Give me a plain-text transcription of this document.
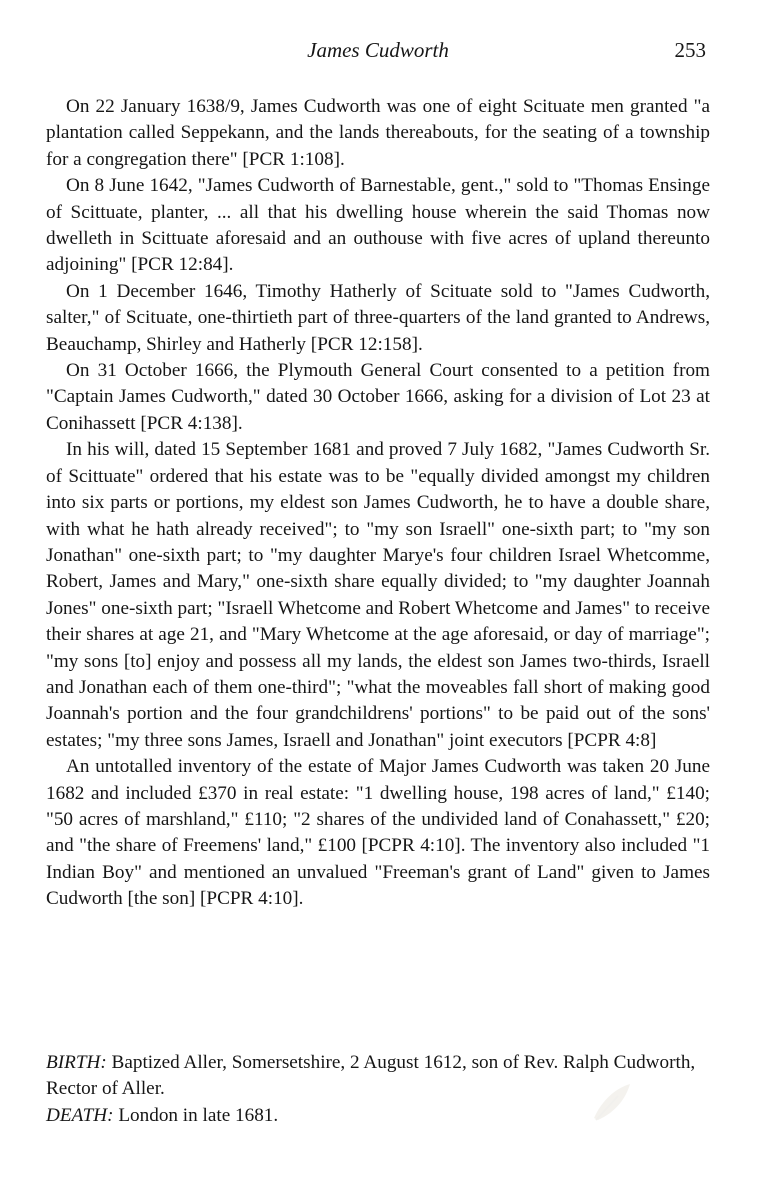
James Cudworth	253

On 22 January 1638/9, James Cudworth was one of eight Scituate men granted "a plantation called Seppekann, and the lands thereabouts, for the seating of a township for a congregation there" [PCR 1:108].

On 8 June 1642, "James Cudworth of Barnestable, gent.," sold to "Thomas Ensinge of Scittuate, planter, ... all that his dwelling house wherein the said Thomas now dwelleth in Scittuate aforesaid and an outhouse with five acres of upland thereunto adjoining" [PCR 12:84].

On 1 December 1646, Timothy Hatherly of Scituate sold to "James Cudworth, salter," of Scituate, one-thirtieth part of three-quarters of the land granted to Andrews, Beauchamp, Shirley and Hatherly [PCR 12:158].

On 31 October 1666, the Plymouth General Court consented to a petition from "Captain James Cudworth," dated 30 October 1666, asking for a division of Lot 23 at Conihassett [PCR 4:138].

In his will, dated 15 September 1681 and proved 7 July 1682, "James Cudworth Sr. of Scittuate" ordered that his estate was to be "equally divided amongst my children into six parts or portions, my eldest son James Cudworth, he to have a double share, with what he hath already received"; to "my son Israell" one-sixth part; to "my son Jonathan" one-sixth part; to "my daughter Marye's four children Israel Whetcomme, Robert, James and Mary," one-sixth share equally divided; to "my daughter Joannah Jones" one-sixth part; "Israell Whetcome and Robert Whetcome and James" to receive their shares at age 21, and "Mary Whetcome at the age aforesaid, or day of marriage"; "my sons [to] enjoy and possess all my lands, the eldest son James two-thirds, Israell and Jonathan each of them one-third"; "what the moveables fall short of making good Joannah's portion and the four grandchildrens' portions" to be paid out of the sons' estates; "my three sons James, Israell and Jonathan" joint executors [PCPR 4:8]

An untotalled inventory of the estate of Major James Cudworth was taken 20 June 1682 and included £370 in real estate: "1 dwelling house, 198 acres of land," £140; "50 acres of marshland," £110; "2 shares of the undivided land of Conahassett," £20; and "the share of Freemens' land," £100 [PCPR 4:10]. The inventory also included "1 Indian Boy" and mentioned an unvalued "Freeman's grant of Land" given to James Cudworth [the son] [PCPR 4:10].

BIRTH: Baptized Aller, Somersetshire, 2 August 1612, son of Rev. Ralph Cudworth, Rector of Aller.

DEATH: London in late 1681.
